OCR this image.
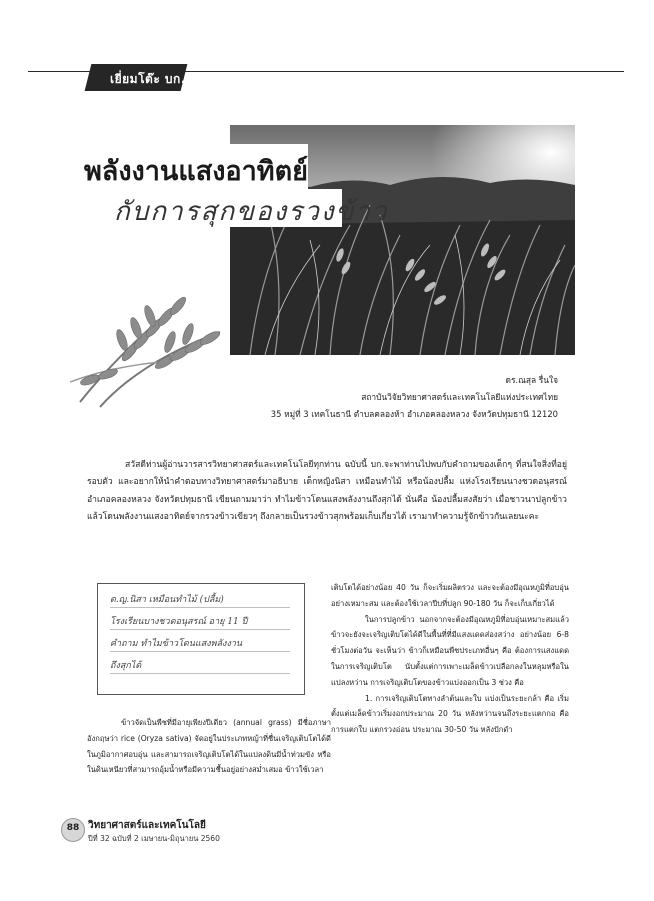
เยี่ยมโต๊ะ บก.
พลังงานแสงอาทิตย์
กับการสุกของรวงข้าว
ดร.ณสุล รื่นใจ
สถาบันวิจัยวิทยาศาสตร์และเทคโนโลยีแห่งประเทศไทย
35 หมู่ที่ 3 เทคโนธานี ตำบลคลองห้า อำเภอคลองหลวง จังหวัดปทุมธานี 12120
สวัสดีท่านผู้อ่านวารสารวิทยาศาสตร์และเทคโนโลยีทุกท่าน ฉบับนี้ บก.จะพาท่านไปพบกับคำถามของเด็กๆ ที่สนใจสิ่งที่อยู่รอบตัว และอยากให้นำคำตอบทางวิทยาศาสตร์มาอธิบาย เด็กหญิงนิสา เหมือนทำไม้ หรือน้องปลื้ม แห่งโรงเรียนนางชวดอนุสรณ์ อำเภอคลองหลวง จังหวัดปทุมธานี เขียนถามมาว่า ทำไมข้าวโดนแสงพลังงานถึงสุกได้ นั่นคือ น้องปลื้มสงสัยว่า เมื่อชาวนาปลูกข้าวแล้วโดนพลังงานแสงอาทิตย์จากรวงข้าวเขียวๆ ถึงกลายเป็นรวงข้าวสุกพร้อมเก็บเกี่ยวได้ เรามาทำความรู้จักข้าวกันเลยนะคะ
ด.ญ.นิสา เหมือนทำไม้ (ปลื้ม)
โรงเรียนบางชวดอนุสรณ์ อายุ 11 ปี
คำถาม ทำไมข้าวโดนแสงพลังงาน
ถึงสุกได้

ข้าวจัดเป็นพืชที่มีอายุเพียงปีเดียว (annual grass) มีชื่อภาษาอังกฤษว่า rice (Oryza sativa) จัดอยู่ในประเภทหญ้าที่ชื่นเจริญเติบโตได้ดี ในภูมิอากาศอบอุ่น และสามารถเจริญเติบโตได้ในแปลงดินมีน้ำท่วมขัง หรือในดินเหนียวที่สามารถอุ้มน้ำหรือมีความชื้นอยู่อย่างสม่ำเสมอ ข้าวใช้เวลา

เติบโตได้อย่างน้อย 40 วัน ก็จะเริ่มผลิตรวง และจะต้องมีอุณหภูมิที่อบอุ่นอย่างเหมาะสม และต้องใช้เวลาปีบที่ปลูก 90-180 วัน ก็จะเก็บเกี่ยวได้

ในการปลูกข้าว นอกจากจะต้องมีอุณหภูมิที่อบอุ่นเหมาะสมแล้ว ข้าวจะยังจะเจริญเติบโตได้ดีในพื้นที่ที่มีแสงแดดส่องสว่าง อย่างน้อย 6-8 ชั่วโมงต่อวัน จะเห็นว่า ข้าวก็เหมือนพืชประเภทอื่นๆ คือ ต้องการแสงแดดในการเจริญเติบโต นับตั้งแต่การเพาะเมล็ดข้าวเปลือกลงในหลุมหรือในแปลงหว่าน การเจริญเติบโตของข้าวแบ่งออกเป็น 3 ช่วง คือ

1. การเจริญเติบโตทางลำต้นและใบ แบ่งเป็นระยะกล้า คือ เริ่มตั้งแต่เมล็ดข้าวเริ่มงอกประมาณ 20 วัน หลังหว่านจนถึงระยะแตกกอ คือ การแตกใบ แตกรวงอ่อน ประมาณ 30-50 วัน หลังปักดำ

88 วิทยาศาสตร์และเทคโนโลยี
ปีที่ 32 ฉบับที่ 2 เมษายน-มิถุนายน 2560
